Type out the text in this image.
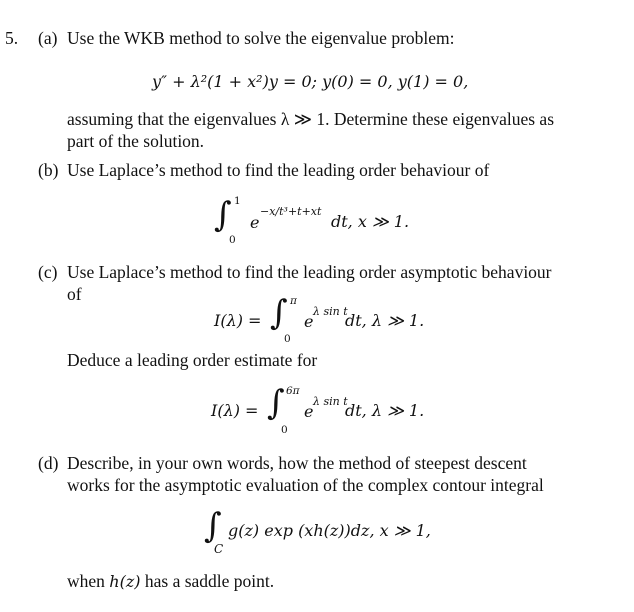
5. (a) Use the WKB method to solve the eigenvalue problem:
y″ + λ²(1 + x²)y = 0; y(0) = 0, y(1) = 0,
assuming that the eigenvalues λ ≫ 1. Determine these eigenvalues as
part of the solution.
(b) Use Laplace’s method to find the leading order behaviour of
∫ 1
0
e
−x/t³+t+xt
dt, x ≫ 1.
(c) Use Laplace’s method to find the leading order asymptotic behaviour
of
I(λ) = ∫ π
0
e
λ sin t
dt, λ ≫ 1.
Deduce a leading order estimate for
I(λ) = ∫ 6π
0
e
λ sin t
dt, λ ≫ 1.
(d) Describe, in your own words, how the method of steepest descent
works for the asymptotic evaluation of the complex contour integral
∫
C
g(z) exp (xh(z))dz, x ≫ 1,
when h(z) has a saddle point.
